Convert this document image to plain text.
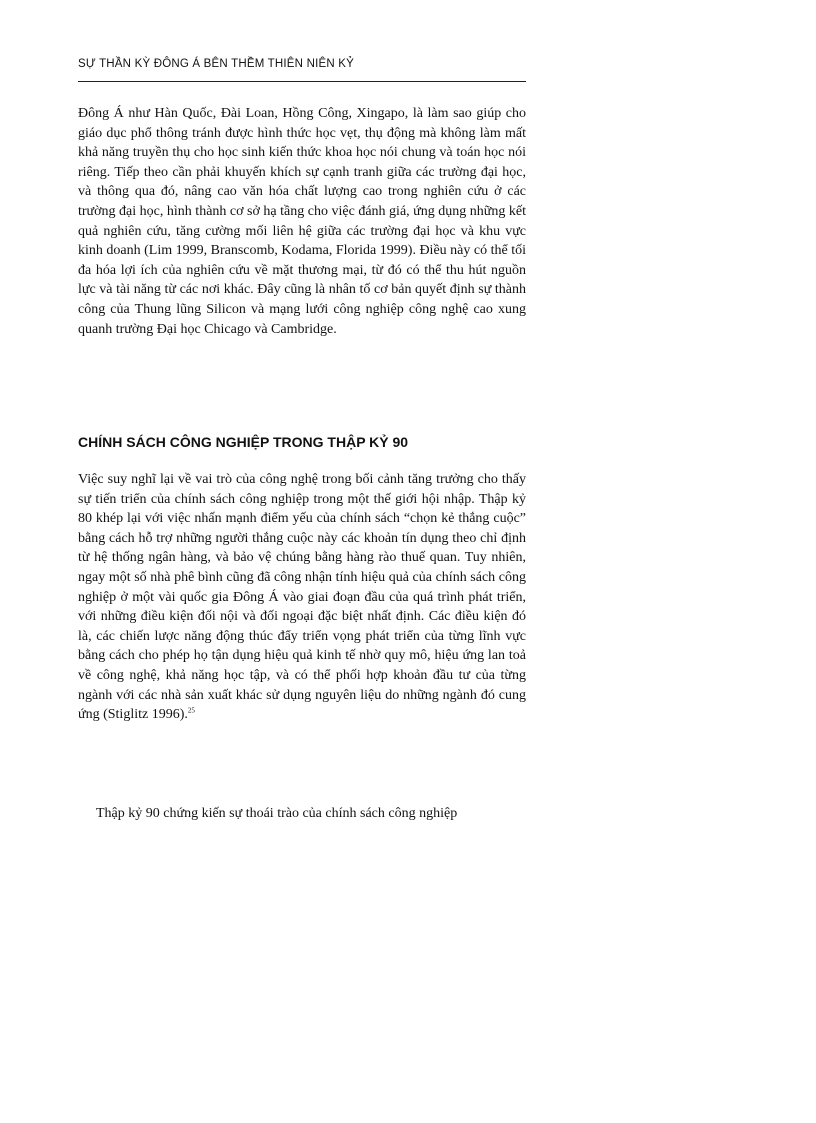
SỰ THẦN KỲ ĐÔNG Á BÊN THỀM THIÊN NIÊN KỶ

Đông Á như Hàn Quốc, Đài Loan, Hồng Công, Xingapo, là làm sao giúp cho giáo dục phổ thông tránh được hình thức học vẹt, thụ động mà không làm mất khả năng truyền thụ cho học sinh kiến thức khoa học nói chung và toán học nói riêng. Tiếp theo cần phải khuyến khích sự cạnh tranh giữa các trường đại học, và thông qua đó, nâng cao văn hóa chất lượng cao trong nghiên cứu ở các trường đại học, hình thành cơ sở hạ tầng cho việc đánh giá, ứng dụng những kết quả nghiên cứu, tăng cường mối liên hệ giữa các trường đại học và khu vực kinh doanh (Lim 1999, Branscomb, Kodama, Florida 1999). Điều này có thể tối đa hóa lợi ích của nghiên cứu về mặt thương mại, từ đó có thể thu hút nguồn lực và tài năng từ các nơi khác. Đây cũng là nhân tố cơ bản quyết định sự thành công của Thung lũng Silicon và mạng lưới công nghiệp công nghệ cao xung quanh trường Đại học Chicago và Cambridge.

CHÍNH SÁCH CÔNG NGHIỆP TRONG THẬP KỶ 90

Việc suy nghĩ lại về vai trò của công nghệ trong bối cảnh tăng trưởng cho thấy sự tiến triển của chính sách công nghiệp trong một thế giới hội nhập. Thập kỷ 80 khép lại với việc nhấn mạnh điểm yếu của chính sách “chọn kẻ thắng cuộc” bằng cách hỗ trợ những người thắng cuộc này các khoản tín dụng theo chỉ định từ hệ thống ngân hàng, và bảo vệ chúng bằng hàng rào thuế quan. Tuy nhiên, ngay một số nhà phê bình cũng đã công nhận tính hiệu quả của chính sách công nghiệp ở một vài quốc gia Đông Á vào giai đoạn đầu của quá trình phát triển, với những điều kiện đối nội và đối ngoại đặc biệt nhất định. Các điều kiện đó là, các chiến lược năng động thúc đẩy triển vọng phát triển của từng lĩnh vực bằng cách cho phép họ tận dụng hiệu quả kinh tế nhờ quy mô, hiệu ứng lan toả về công nghệ, khả năng học tập, và có thể phối hợp khoản đầu tư của từng ngành với các nhà sản xuất khác sử dụng nguyên liệu do những ngành đó cung ứng (Stiglitz 1996).$^{25}$

Thập kỷ 90 chứng kiến sự thoái trào của chính sách công nghiệp
